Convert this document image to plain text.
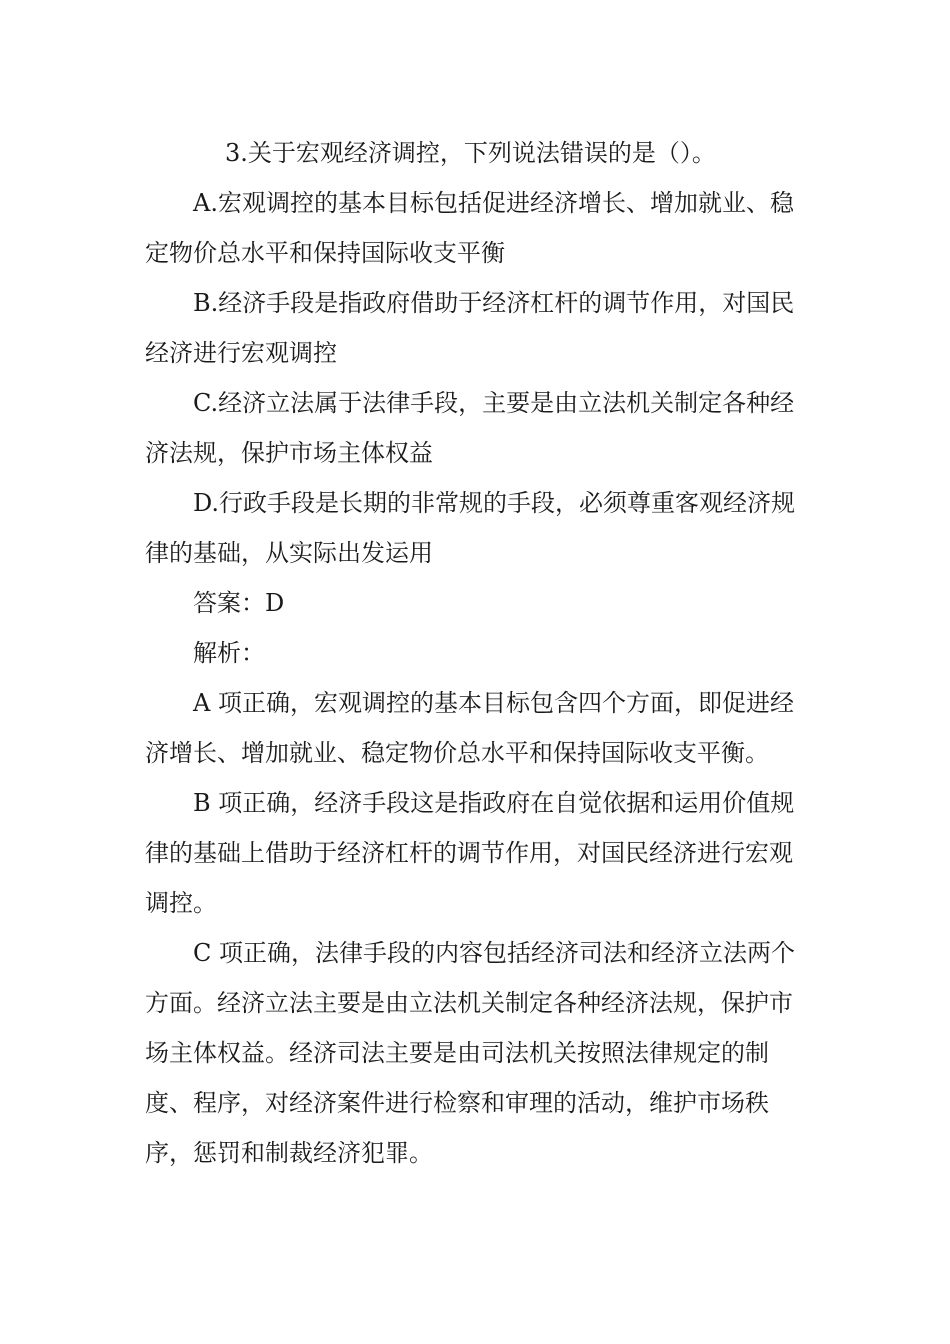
3.关于宏观经济调控，下列说法错误的是（）。

A.宏观调控的基本目标包括促进经济增长、增加就业、稳定物价总水平和保持国际收支平衡

B.经济手段是指政府借助于经济杠杆的调节作用，对国民经济进行宏观调控

C.经济立法属于法律手段，主要是由立法机关制定各种经济法规，保护市场主体权益

D.行政手段是长期的非常规的手段，必须尊重客观经济规律的基础，从实际出发运用

答案：D

解析：

A 项正确，宏观调控的基本目标包含四个方面，即促进经济增长、增加就业、稳定物价总水平和保持国际收支平衡。

B 项正确，经济手段这是指政府在自觉依据和运用价值规律的基础上借助于经济杠杆的调节作用，对国民经济进行宏观调控。

C 项正确，法律手段的内容包括经济司法和经济立法两个方面。经济立法主要是由立法机关制定各种经济法规，保护市场主体权益。经济司法主要是由司法机关按照法律规定的制度、程序，对经济案件进行检察和审理的活动，维护市场秩序，惩罚和制裁经济犯罪。
